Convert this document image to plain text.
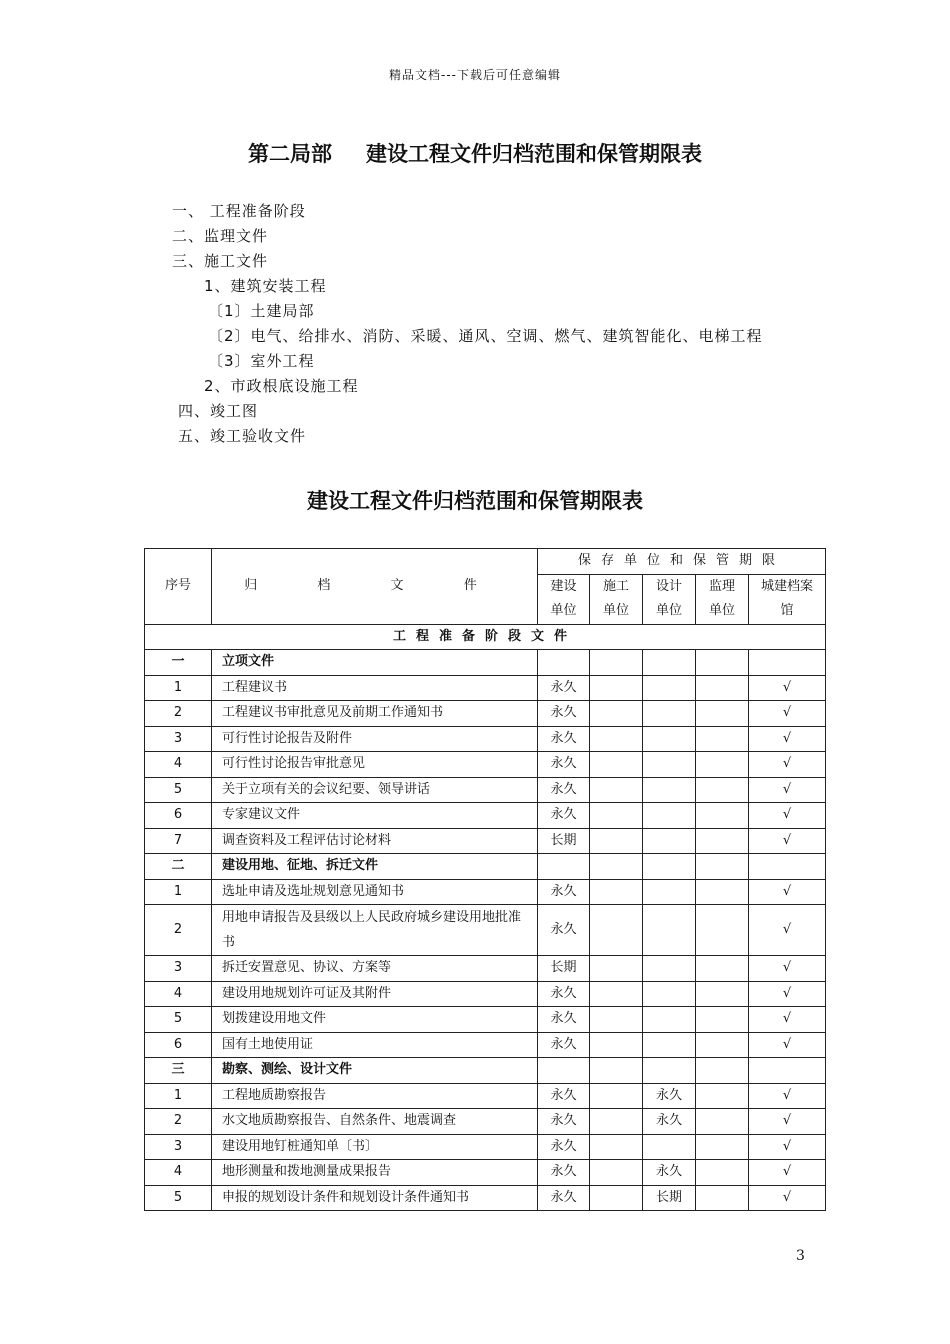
精品文档---下载后可任意编辑
第二局部 建设工程文件归档范围和保管期限表
一、 工程准备阶段
二、监理文件
三、施工文件
1、建筑安装工程
〔1〕土建局部
〔2〕电气、给排水、消防、采暖、通风、空调、燃气、建筑智能化、电梯工程
〔3〕室外工程
2、市政根底设施工程
四、竣工图
五、竣工验收文件
建设工程文件归档范围和保管期限表
序号	归 档 文 件	保存单位和保管期限				
		建设	施工	设计	监理	城建档案
		单位	单位	单位	单位	馆
工程准备阶段文件						
一	立项文件					
1	工程建议书	永久				√
2	工程建议书审批意见及前期工作通知书	永久				√
3	可行性讨论报告及附件	永久				√
4	可行性讨论报告审批意见	永久				√
5	关于立项有关的会议纪要、领导讲话	永久				√
6	专家建议文件	永久				√
7	调查资料及工程评估讨论材料	长期				√
二	建设用地、征地、拆迁文件					
1	选址申请及选址规划意见通知书	永久				√
2	用地申请报告及县级以上人民政府城乡建设用地批准书	永久				√
3	拆迁安置意见、协议、方案等	长期				√
4	建设用地规划许可证及其附件	永久				√
5	划拨建设用地文件	永久				√
6	国有土地使用证	永久				√
三	勘察、测绘、设计文件					
1	工程地质勘察报告	永久		永久		√
2	水文地质勘察报告、自然条件、地震调查	永久		永久		√
3	建设用地钉桩通知单〔书〕	永久				√
4	地形测量和拨地测量成果报告	永久		永久		√
5	申报的规划设计条件和规划设计条件通知书	永久		长期		√
3
